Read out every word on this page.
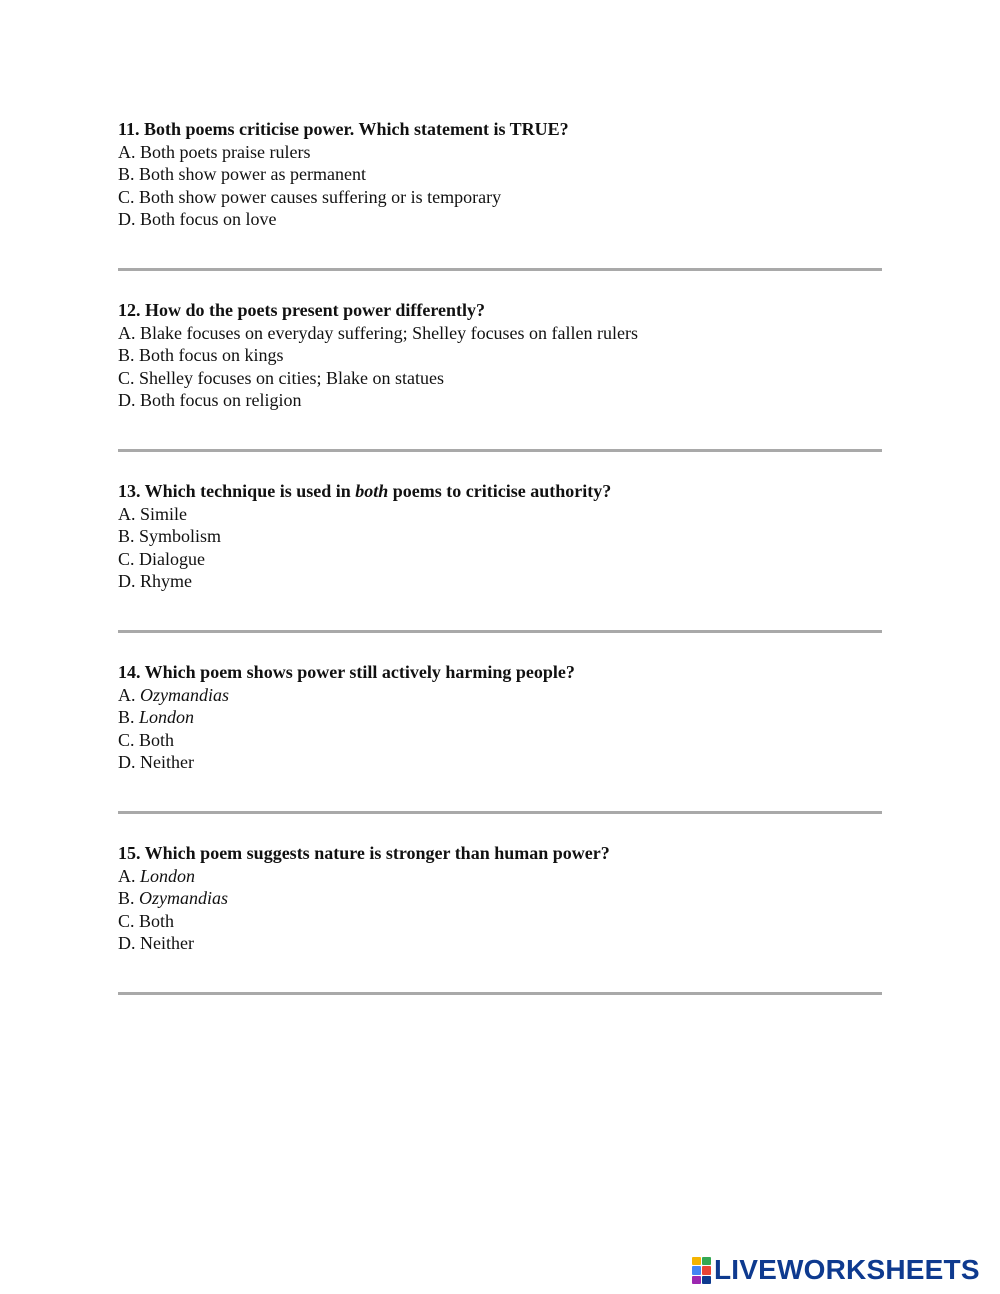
11. Both poems criticise power. Which statement is TRUE?

A. Both poets praise rulers

B. Both show power as permanent

C. Both show power causes suffering or is temporary

D. Both focus on love

12. How do the poets present power differently?

A. Blake focuses on everyday suffering; Shelley focuses on fallen rulers

B. Both focus on kings

C. Shelley focuses on cities; Blake on statues

D. Both focus on religion

13. Which technique is used in both poems to criticise authority?

A. Simile

B. Symbolism

C. Dialogue

D. Rhyme

14. Which poem shows power still actively harming people?

A. Ozymandias

B. London

C. Both

D. Neither

15. Which poem suggests nature is stronger than human power?

A. London

B. Ozymandias

C. Both

D. Neither

LIVEWORKSHEETS
